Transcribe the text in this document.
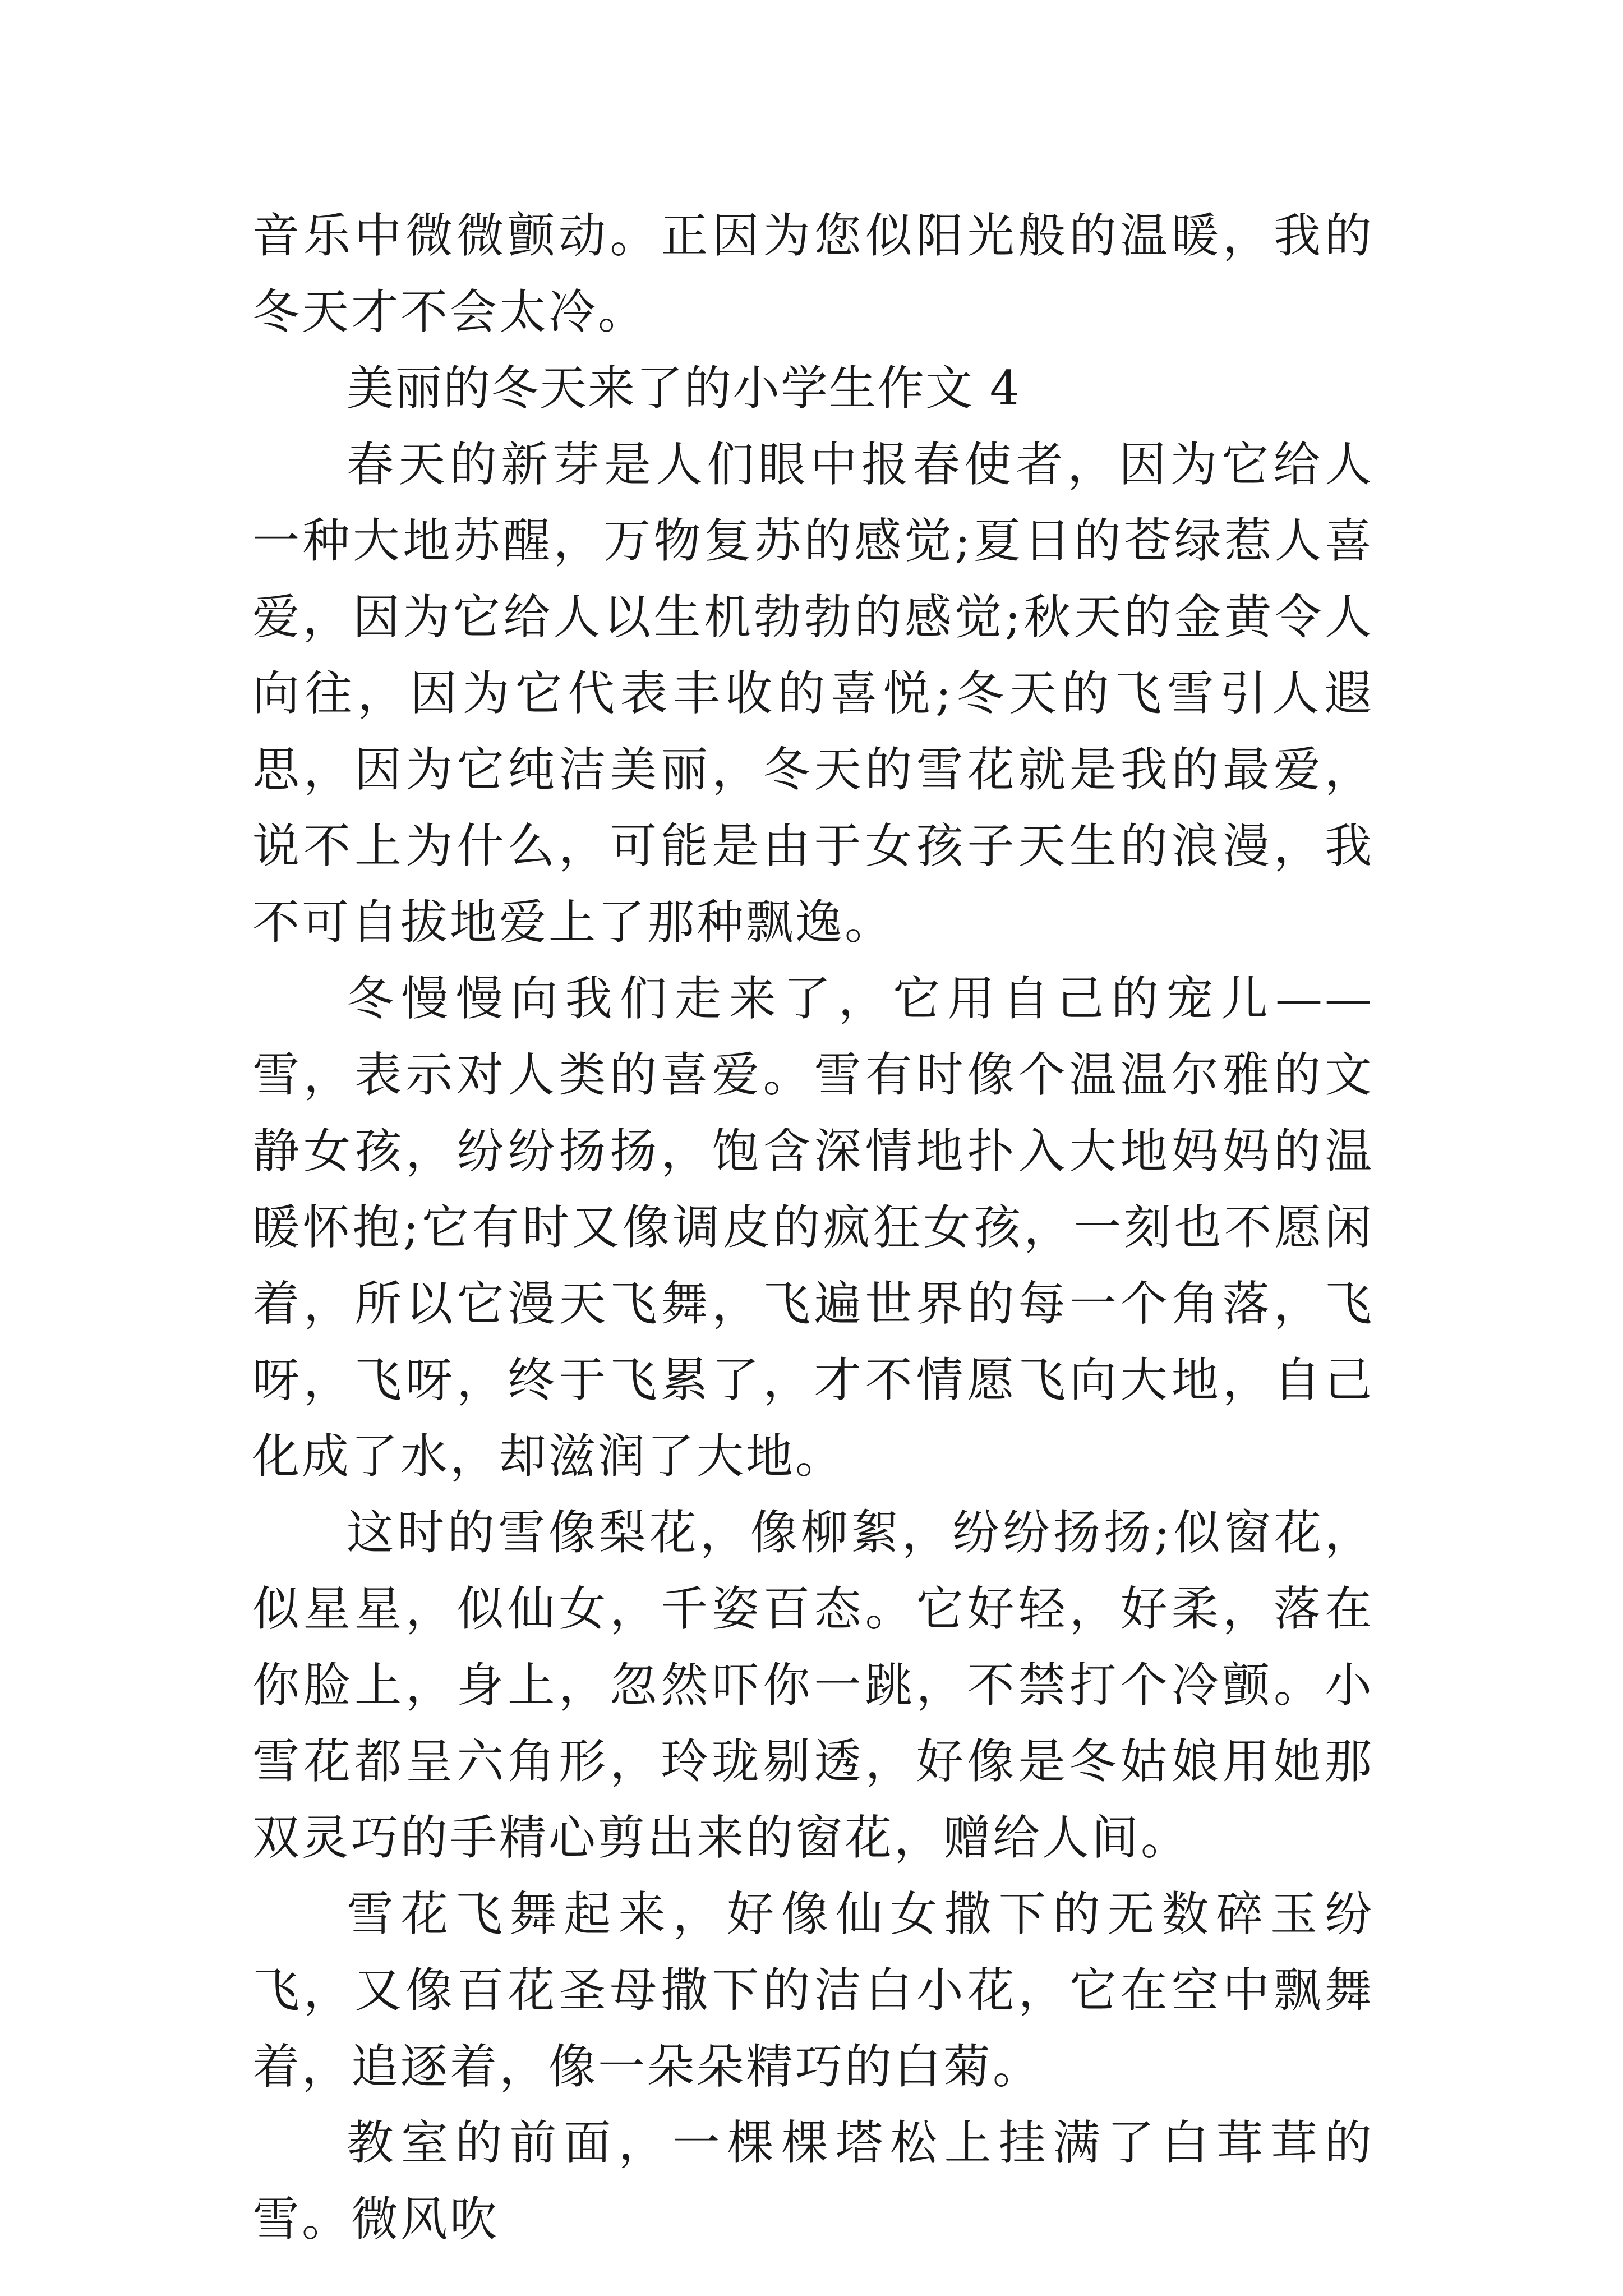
音乐中微微颤动。正因为您似阳光般的温暖，我的冬天才不会太冷。

美丽的冬天来了的小学生作文 4

春天的新芽是人们眼中报春使者，因为它给人一种大地苏醒，万物复苏的感觉;夏日的苍绿惹人喜爱，因为它给人以生机勃勃的感觉;秋天的金黄令人向往，因为它代表丰收的喜悦;冬天的飞雪引人遐思，因为它纯洁美丽，冬天的雪花就是我的最爱，说不上为什么，可能是由于女孩子天生的浪漫，我不可自拔地爱上了那种飘逸。

冬慢慢向我们走来了，它用自己的宠儿——雪，表示对人类的喜爱。雪有时像个温温尔雅的文静女孩，纷纷扬扬，饱含深情地扑入大地妈妈的温暖怀抱;它有时又像调皮的疯狂女孩，一刻也不愿闲着，所以它漫天飞舞，飞遍世界的每一个角落，飞呀，飞呀，终于飞累了，才不情愿飞向大地，自己化成了水，却滋润了大地。

这时的雪像梨花，像柳絮，纷纷扬扬;似窗花，似星星，似仙女，千姿百态。它好轻，好柔，落在你脸上，身上，忽然吓你一跳，不禁打个冷颤。小雪花都呈六角形，玲珑剔透，好像是冬姑娘用她那双灵巧的手精心剪出来的窗花，赠给人间。

雪花飞舞起来，好像仙女撒下的无数碎玉纷飞，又像百花圣母撒下的洁白小花，它在空中飘舞着，追逐着，像一朵朵精巧的白菊。

教室的前面，一棵棵塔松上挂满了白茸茸的雪。微风吹
